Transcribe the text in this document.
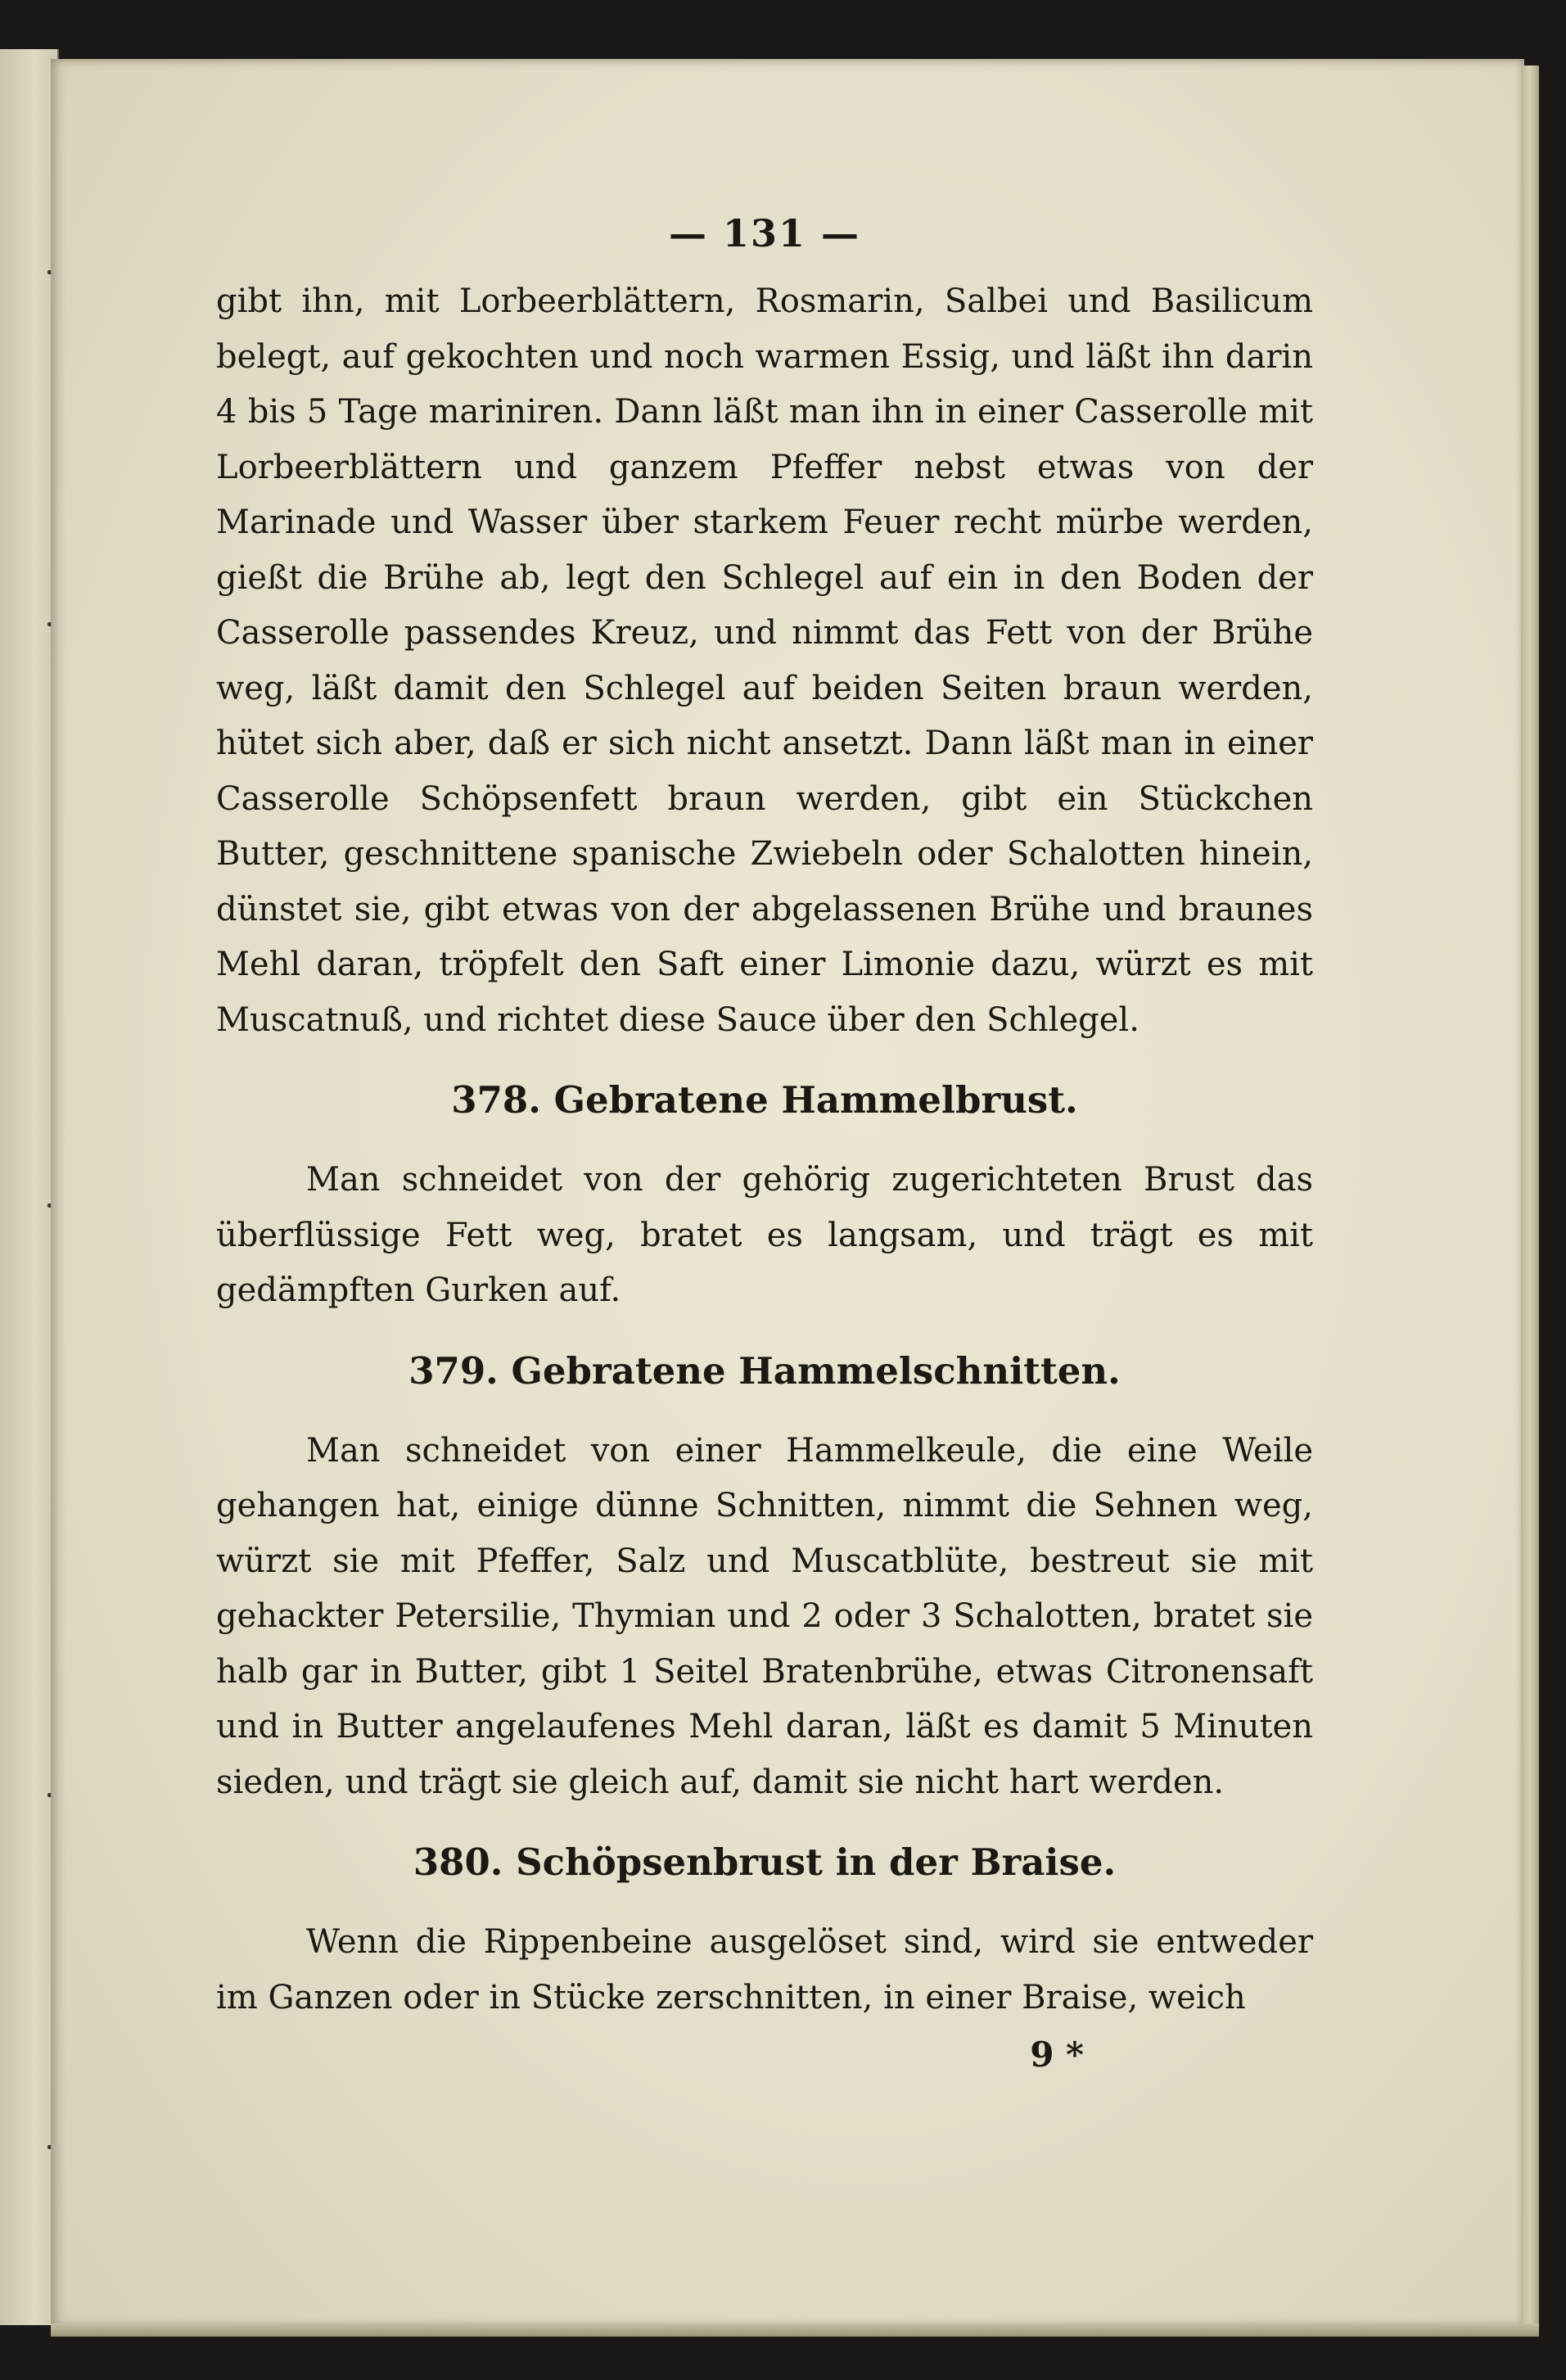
— 131 —

gibt ihn, mit Lorbeerblättern, Rosmarin, Salbei und Basilicum belegt, auf gekochten und noch warmen Essig, und läßt ihn darin 4 bis 5 Tage mariniren. Dann läßt man ihn in einer Casserolle mit Lorbeerblättern und ganzem Pfeffer nebst etwas von der Marinade und Wasser über starkem Feuer recht mürbe werden, gießt die Brühe ab, legt den Schlegel auf ein in den Boden der Casserolle passendes Kreuz, und nimmt das Fett von der Brühe weg, läßt damit den Schlegel auf beiden Seiten braun werden, hütet sich aber, daß er sich nicht ansetzt. Dann läßt man in einer Casserolle Schöpsenfett braun werden, gibt ein Stückchen Butter, geschnittene spanische Zwiebeln oder Schalotten hinein, dünstet sie, gibt etwas von der abgelassenen Brühe und braunes Mehl daran, tröpfelt den Saft einer Limonie dazu, würzt es mit Muscatnuß, und richtet diese Sauce über den Schlegel.

378. Gebratene Hammelbrust.

Man schneidet von der gehörig zugerichteten Brust das überflüssige Fett weg, bratet es langsam, und trägt es mit gedämpften Gurken auf.

379. Gebratene Hammelschnitten.

Man schneidet von einer Hammelkeule, die eine Weile gehangen hat, einige dünne Schnitten, nimmt die Sehnen weg, würzt sie mit Pfeffer, Salz und Muscatblüte, bestreut sie mit gehackter Petersilie, Thymian und 2 oder 3 Schalotten, bratet sie halb gar in Butter, gibt 1 Seitel Bratenbrühe, etwas Citronensaft und in Butter angelaufenes Mehl daran, läßt es damit 5 Minuten sieden, und trägt sie gleich auf, damit sie nicht hart werden.

380. Schöpsenbrust in der Braise.

Wenn die Rippenbeine ausgelöset sind, wird sie entweder im Ganzen oder in Stücke zerschnitten, in einer Braise, weich

9 *
